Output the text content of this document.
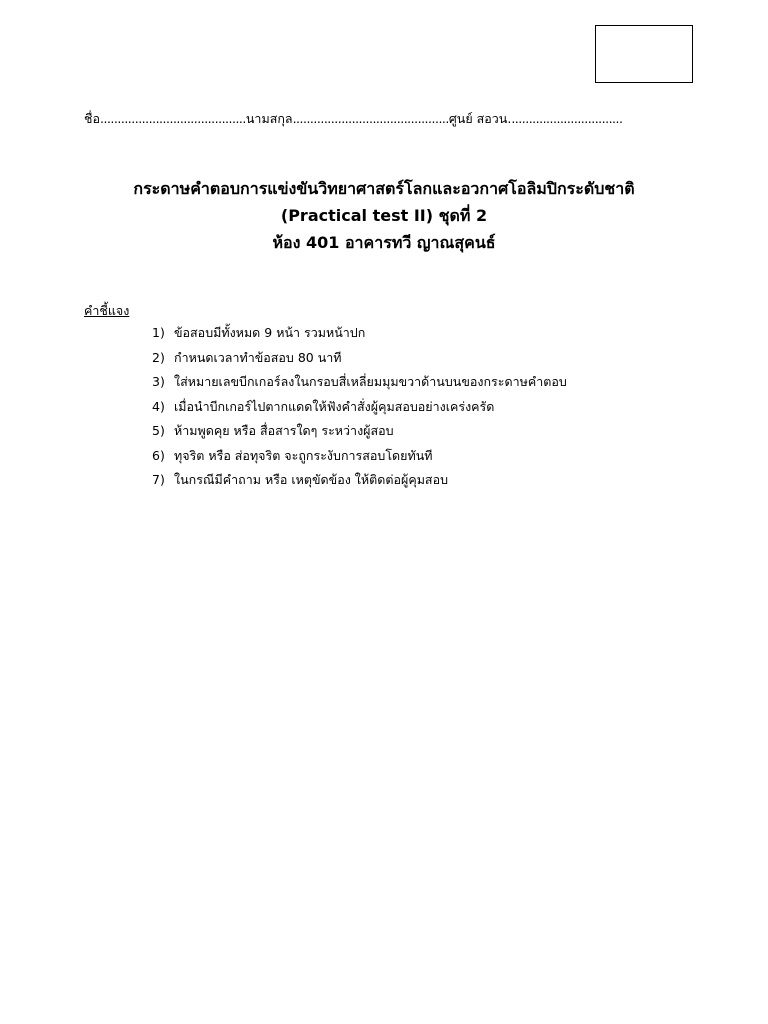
ชื่อ..........................................นามสกุล.............................................ศูนย์ สอวน.................................
กระดาษคำตอบการแข่งขันวิทยาศาสตร์โลกและอวกาศโอลิมปิกระดับชาติ
(Practical test II) ชุดที่ 2
ห้อง 401 อาคารทวี ญาณสุคนธ์
คำชี้แจง
1) ข้อสอบมีทั้งหมด 9 หน้า รวมหน้าปก
2) กำหนดเวลาทำข้อสอบ 80 นาที
3) ใส่หมายเลขบีกเกอร์ลงในกรอบสี่เหลี่ยมมุมขวาด้านบนของกระดาษคำตอบ
4) เมื่อนำบีกเกอร์ไปตากแดดให้ฟังคำสั่งผู้คุมสอบอย่างเคร่งครัด
5) ห้ามพูดคุย หรือ สื่อสารใดๆ ระหว่างผู้สอบ
6) ทุจริต หรือ ส่อทุจริต จะถูกระงับการสอบโดยทันที
7) ในกรณีมีคำถาม หรือ เหตุขัดข้อง ให้ติดต่อผู้คุมสอบ
